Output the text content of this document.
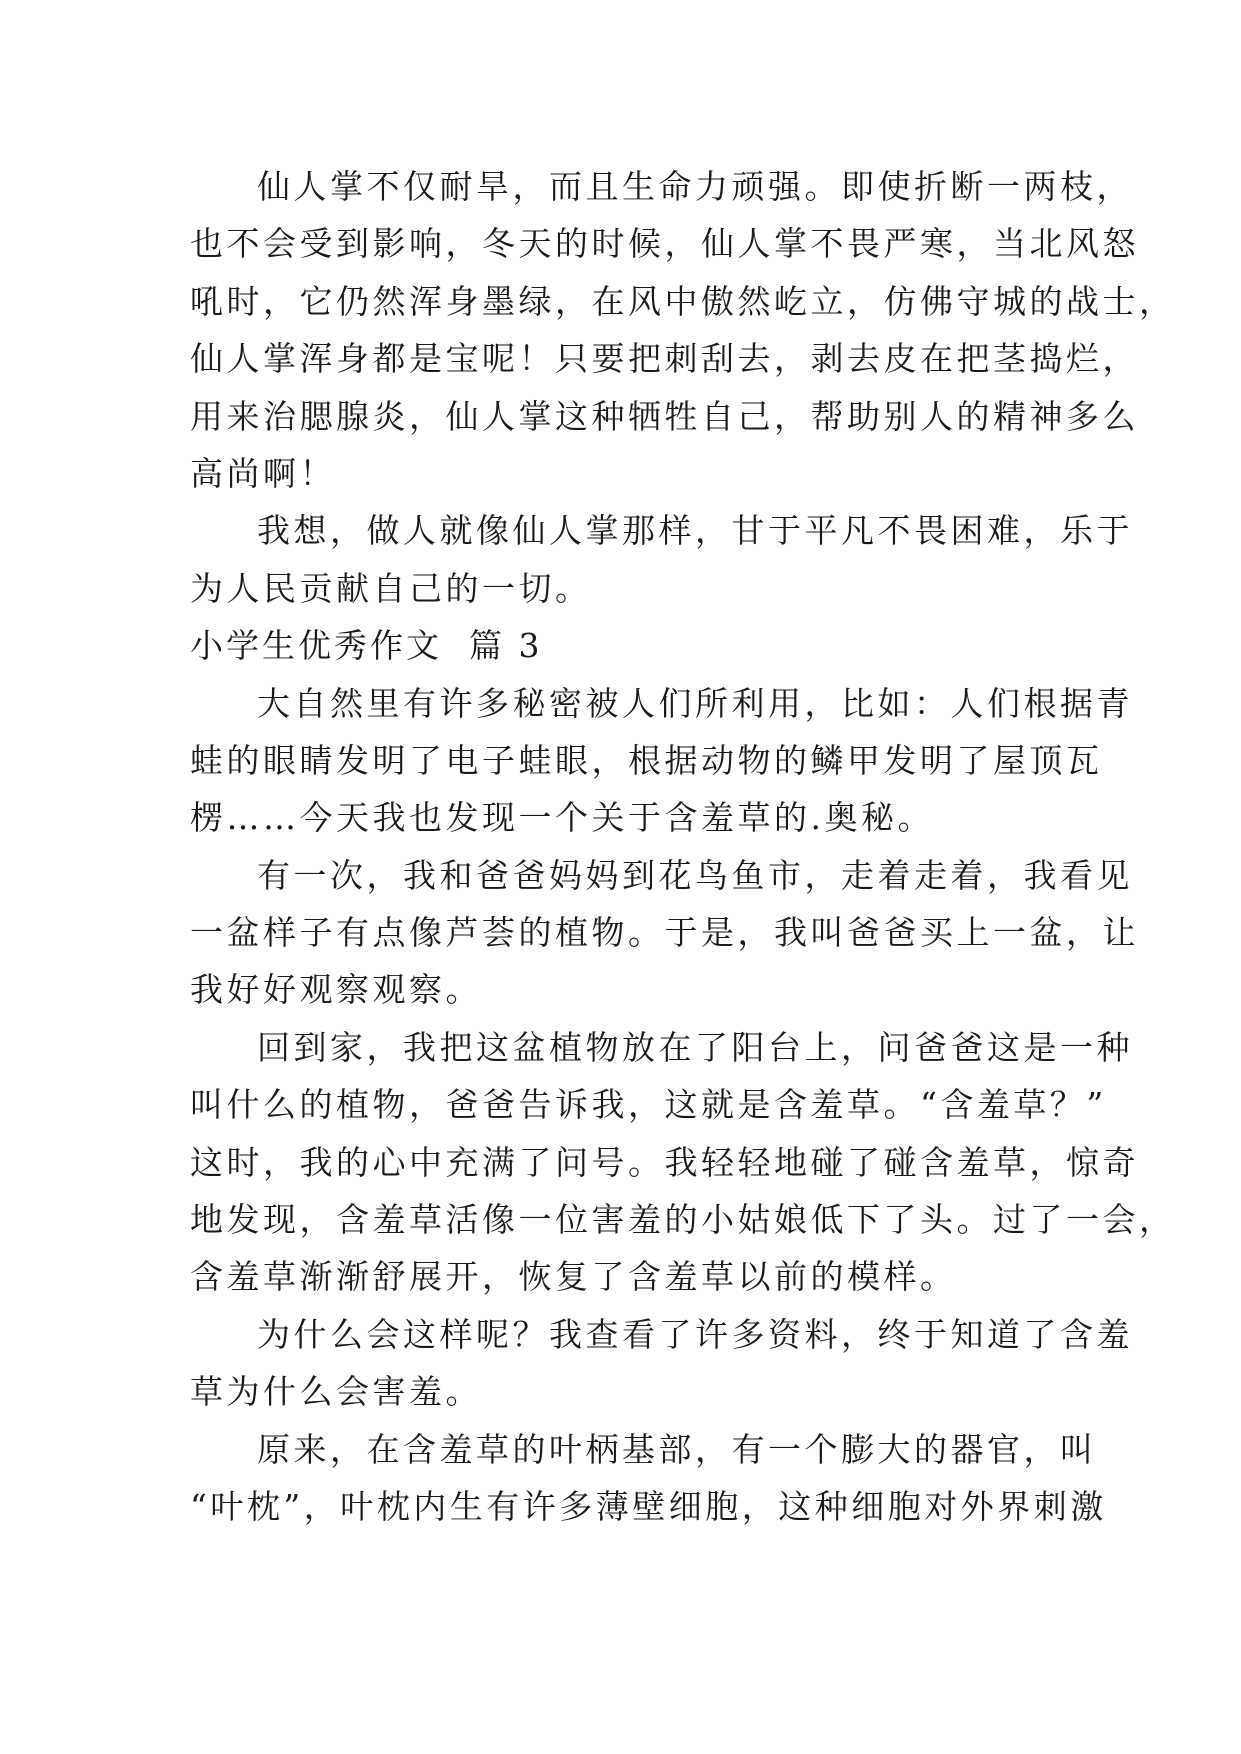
仙人掌不仅耐旱，而且生命力顽强。即使折断一两枝，
也不会受到影响，冬天的时候，仙人掌不畏严寒，当北风怒
吼时，它仍然浑身墨绿，在风中傲然屹立，仿佛守城的战士，
仙人掌浑身都是宝呢！只要把刺刮去，剥去皮在把茎捣烂，
用来治腮腺炎，仙人掌这种牺牲自己，帮助别人的精神多么
高尚啊！
我想，做人就像仙人掌那样，甘于平凡不畏困难，乐于
为人民贡献自己的一切。
小学生优秀作文  篇 3
大自然里有许多秘密被人们所利用，比如：人们根据青
蛙的眼睛发明了电子蛙眼，根据动物的鳞甲发明了屋顶瓦
楞……今天我也发现一个关于含羞草的.奥秘。
有一次，我和爸爸妈妈到花鸟鱼市，走着走着，我看见
一盆样子有点像芦荟的植物。于是，我叫爸爸买上一盆，让
我好好观察观察。
回到家，我把这盆植物放在了阳台上，问爸爸这是一种
叫什么的植物，爸爸告诉我，这就是含羞草。“含羞草？”
这时，我的心中充满了问号。我轻轻地碰了碰含羞草，惊奇
地发现，含羞草活像一位害羞的小姑娘低下了头。过了一会，
含羞草渐渐舒展开，恢复了含羞草以前的模样。
为什么会这样呢？我查看了许多资料，终于知道了含羞
草为什么会害羞。
原来，在含羞草的叶柄基部，有一个膨大的器官，叫
“叶枕”，叶枕内生有许多薄壁细胞，这种细胞对外界刺激
